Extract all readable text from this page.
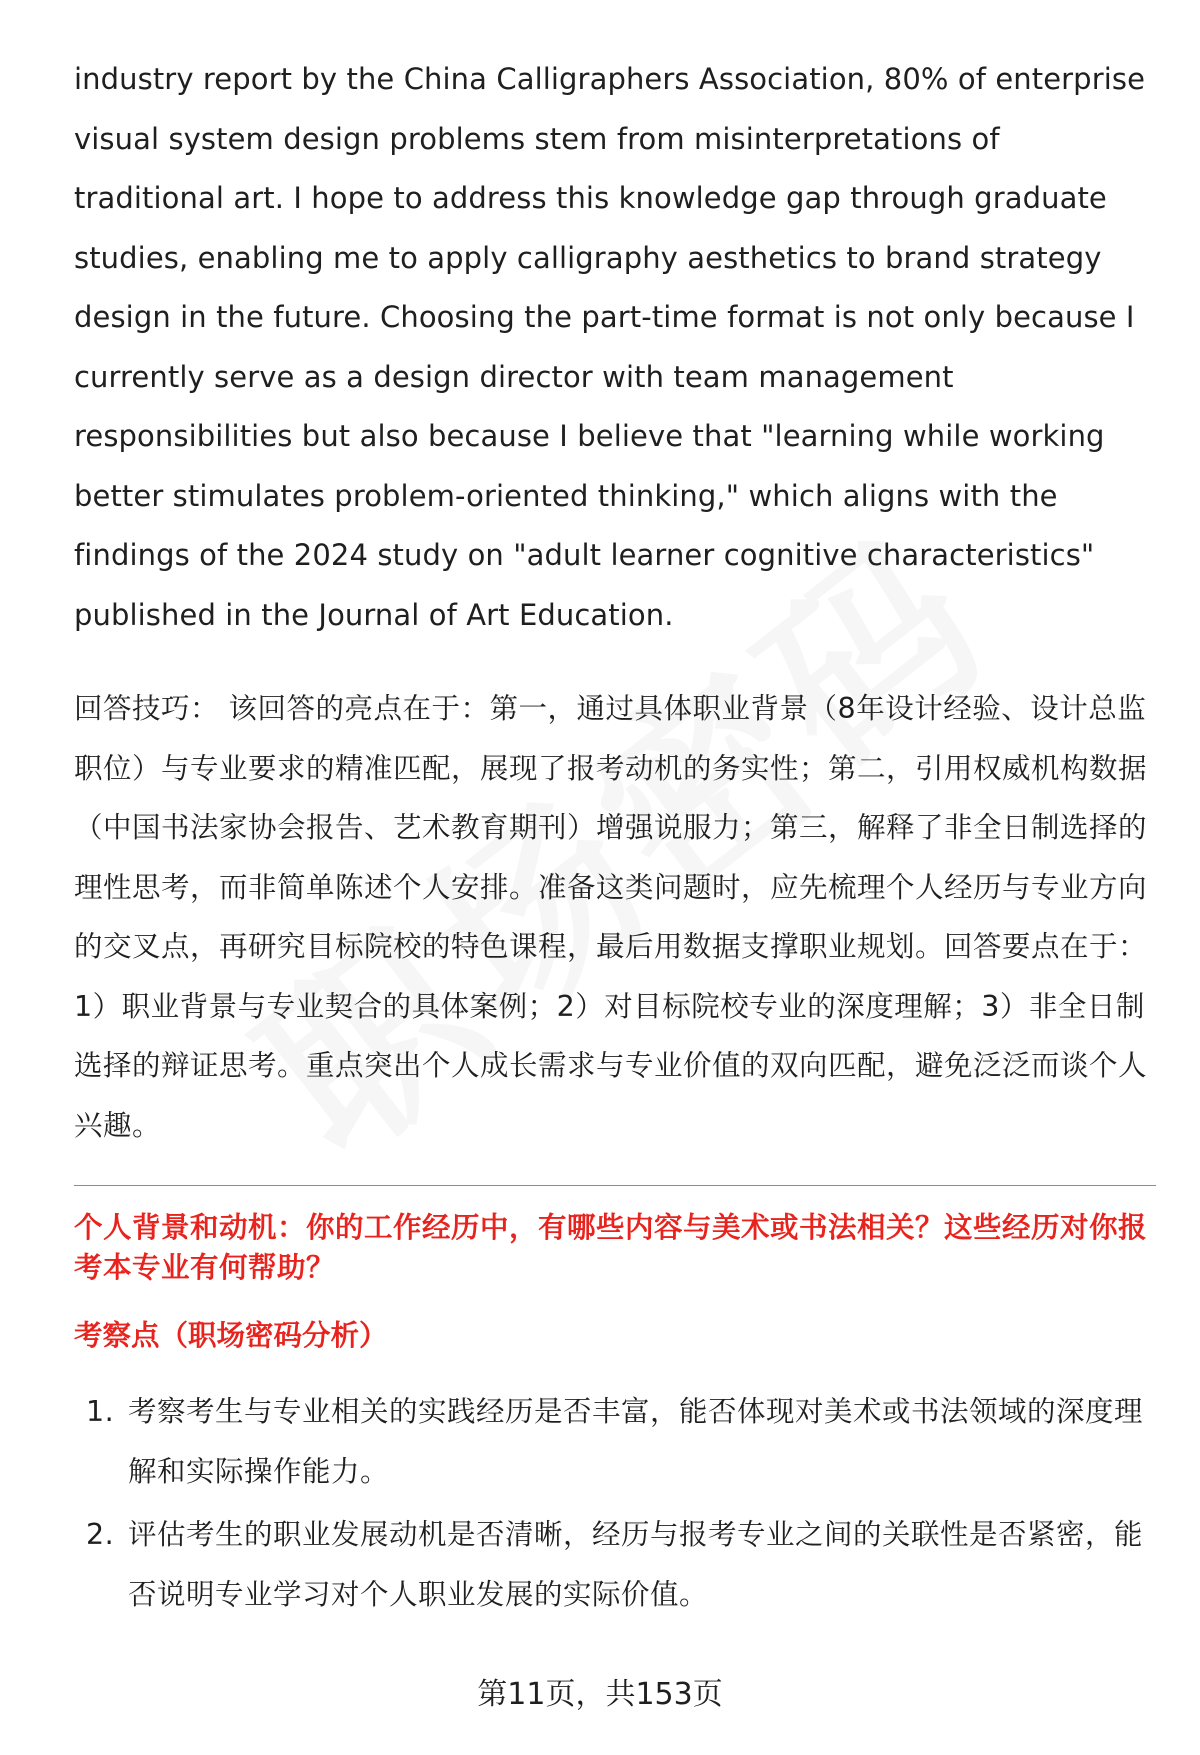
industry report by the China Calligraphers Association, 80% of enterprise visual system design problems stem from misinterpretations of traditional art. I hope to address this knowledge gap through graduate studies, enabling me to apply calligraphy aesthetics to brand strategy design in the future. Choosing the part-time format is not only because I currently serve as a design director with team management responsibilities but also because I believe that "learning while working better stimulates problem-oriented thinking," which aligns with the findings of the 2024 study on "adult learner cognitive characteristics" published in the Journal of Art Education.

回答技巧： 该回答的亮点在于：第一，通过具体职业背景（8年设计经验、设计总监职位）与专业要求的精准匹配，展现了报考动机的务实性；第二，引用权威机构数据（中国书法家协会报告、艺术教育期刊）增强说服力；第三，解释了非全日制选择的理性思考，而非简单陈述个人安排。准备这类问题时，应先梳理个人经历与专业方向的交叉点，再研究目标院校的特色课程，最后用数据支撑职业规划。回答要点在于：1）职业背景与专业契合的具体案例；2）对目标院校专业的深度理解；3）非全日制选择的辩证思考。重点突出个人成长需求与专业价值的双向匹配，避免泛泛而谈个人兴趣。

个人背景和动机：你的工作经历中，有哪些内容与美术或书法相关？这些经历对你报考本专业有何帮助？
考察点（职场密码分析）
1. 考察考生与专业相关的实践经历是否丰富，能否体现对美术或书法领域的深度理解和实际操作能力。
2. 评估考生的职业发展动机是否清晰，经历与报考专业之间的关联性是否紧密，能否说明专业学习对个人职业发展的实际价值。
第11页，共153页
